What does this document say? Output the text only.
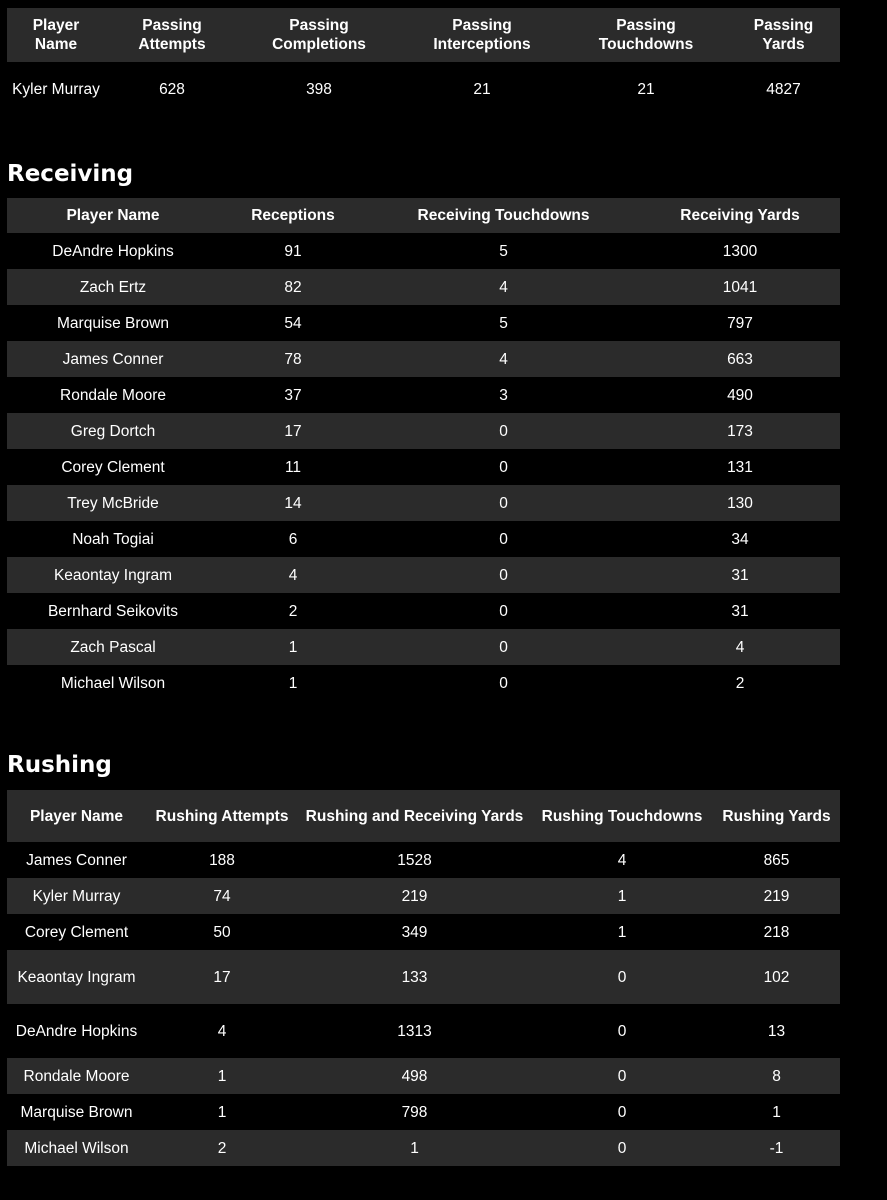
Player Name	Passing Attempts	Passing Completions	Passing Interceptions	Passing Touchdowns	Passing Yards
Kyler Murray	628	398	21	21	4827
Receiving
Player Name	Receptions	Receiving Touchdowns	Receiving Yards
DeAndre Hopkins	91	5	1300
Zach Ertz	82	4	1041
Marquise Brown	54	5	797
James Conner	78	4	663
Rondale Moore	37	3	490
Greg Dortch	17	0	173
Corey Clement	11	0	131
Trey McBride	14	0	130
Noah Togiai	6	0	34
Keaontay Ingram	4	0	31
Bernhard Seikovits	2	0	31
Zach Pascal	1	0	4
Michael Wilson	1	0	2
Rushing
Player Name	Rushing Attempts	Rushing and Receiving Yards	Rushing Touchdowns	Rushing Yards
James Conner	188	1528	4	865
Kyler Murray	74	219	1	219
Corey Clement	50	349	1	218
Keaontay Ingram	17	133	0	102
DeAndre Hopkins	4	1313	0	13
Rondale Moore	1	498	0	8
Marquise Brown	1	798	0	1
Michael Wilson	2	1	0	-1
